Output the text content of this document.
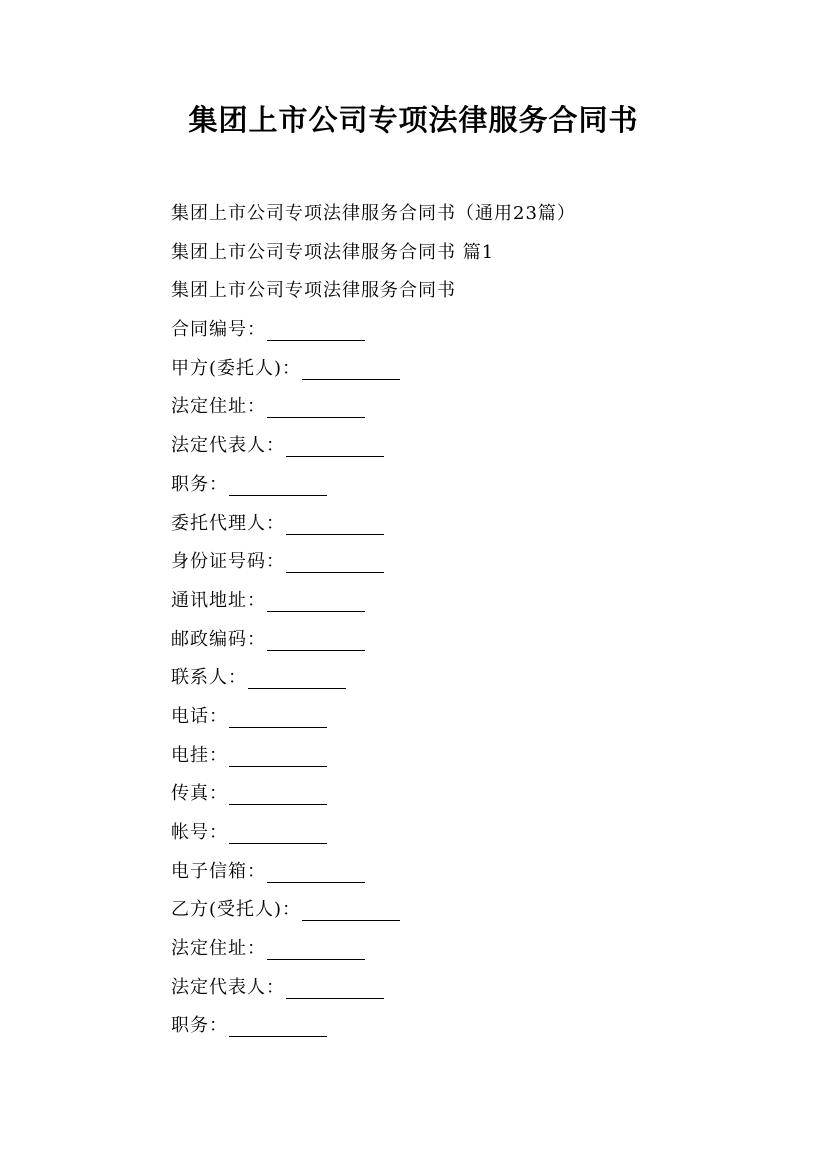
集团上市公司专项法律服务合同书
集团上市公司专项法律服务合同书（通用23篇）
集团上市公司专项法律服务合同书 篇1
集团上市公司专项法律服务合同书
合同编号：
甲方(委托人)：
法定住址：
法定代表人：
职务：
委托代理人：
身份证号码：
通讯地址：
邮政编码：
联系人：
电话：
电挂：
传真：
帐号：
电子信箱：
乙方(受托人)：
法定住址：
法定代表人：
职务：
